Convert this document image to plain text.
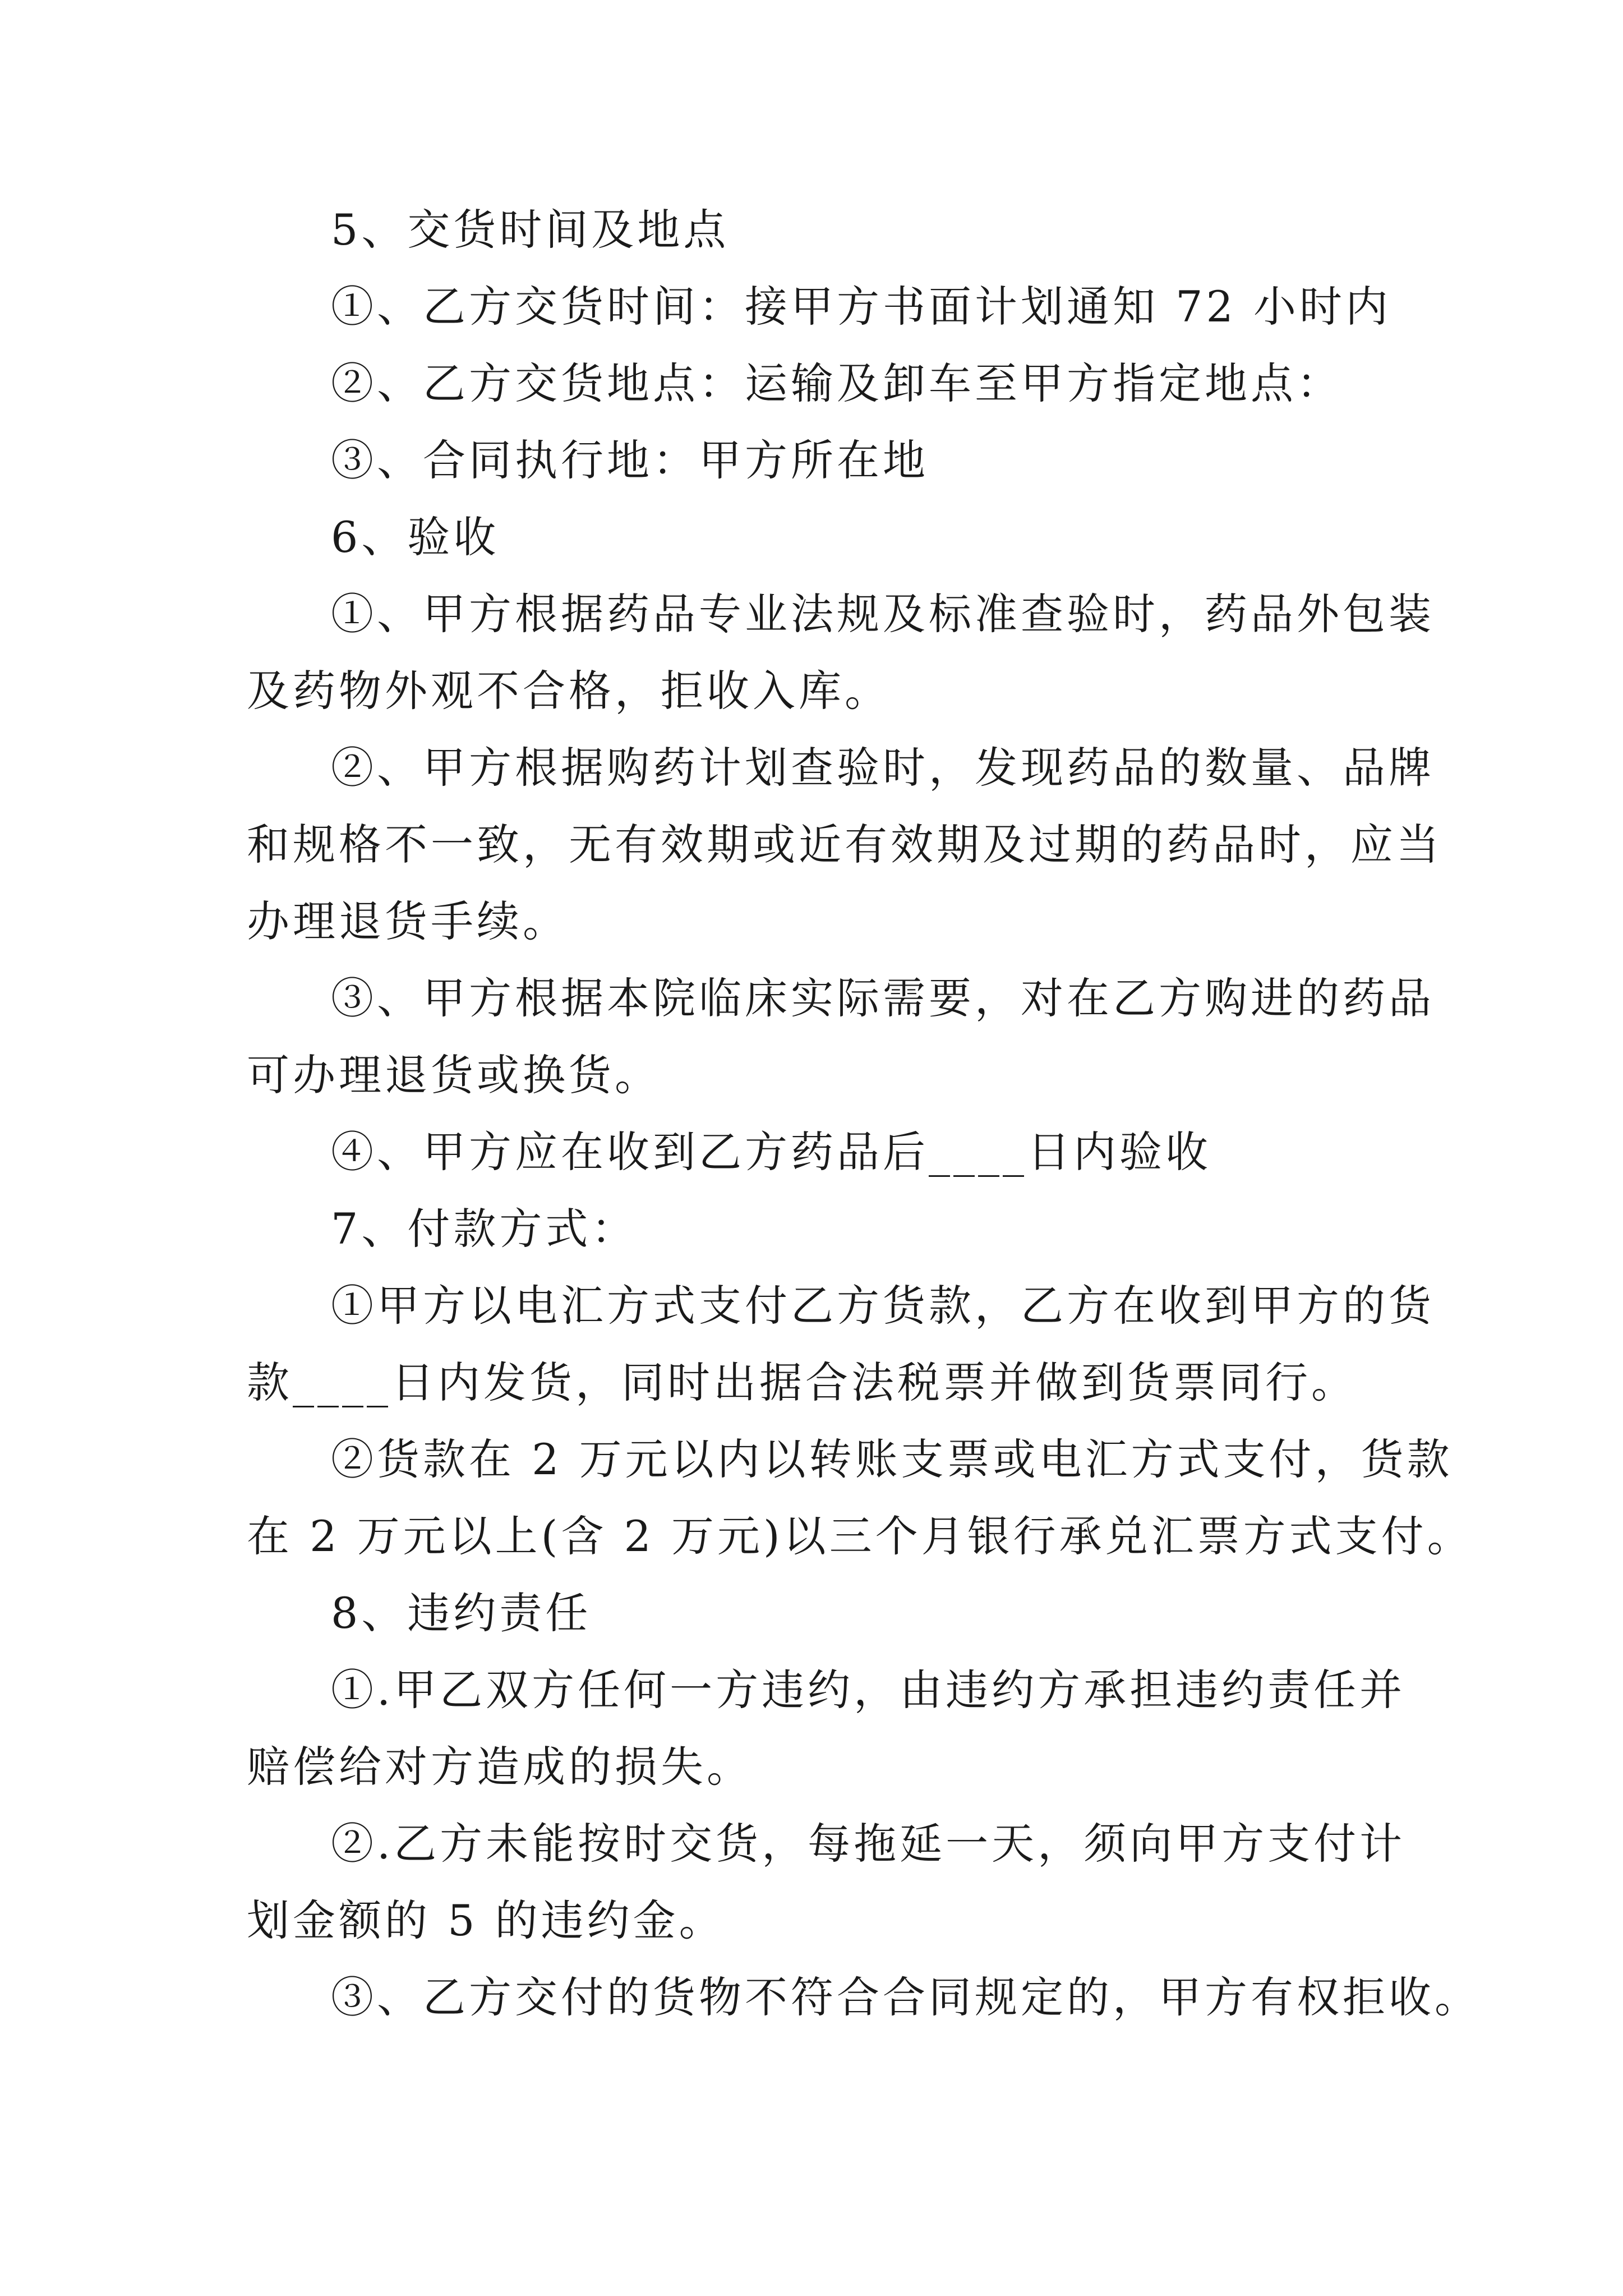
5、交货时间及地点
①、乙方交货时间：接甲方书面计划通知 72 小时内
②、乙方交货地点：运输及卸车至甲方指定地点：
③、合同执行地：甲方所在地
6、验收
①、甲方根据药品专业法规及标准查验时，药品外包装
及药物外观不合格，拒收入库。
②、甲方根据购药计划查验时，发现药品的数量、品牌
和规格不一致，无有效期或近有效期及过期的药品时，应当
办理退货手续。
③、甲方根据本院临床实际需要，对在乙方购进的药品
可办理退货或换货。
④、甲方应在收到乙方药品后____日内验收
7、付款方式：
①甲方以电汇方式支付乙方货款，乙方在收到甲方的货
款____日内发货，同时出据合法税票并做到货票同行。
②货款在 2 万元以内以转账支票或电汇方式支付，货款
在 2 万元以上(含 2 万元)以三个月银行承兑汇票方式支付。
8、违约责任
①.甲乙双方任何一方违约，由违约方承担违约责任并
赔偿给对方造成的损失。
②.乙方未能按时交货，每拖延一天，须向甲方支付计
划金额的 5 的违约金。
③、乙方交付的货物不符合合同规定的，甲方有权拒收。
